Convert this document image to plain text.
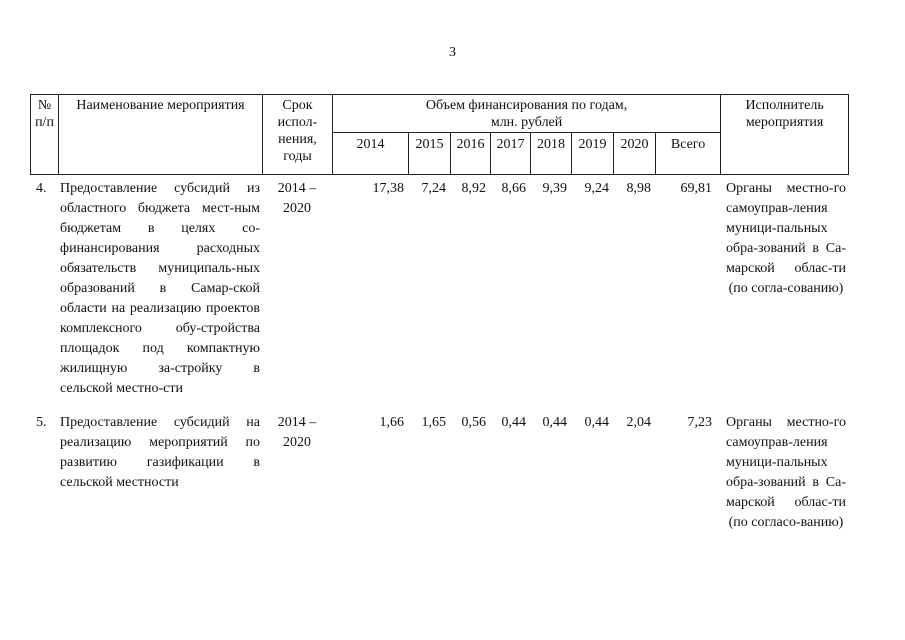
3
№ п/п	Наименование мероприятия	Срок испол-нения, годы	Объем финансирования по годам, млн. рублей								Исполнитель мероприятия
			2014	2015	2016	2017	2018	2019	2020	Всего	
4.	Предоставление субсидий из областного бюджета мест-ным бюджетам в целях со-финансирования расходных обязательств муниципаль-ных образований в Самар-ской области на реализацию проектов комплексного обу-стройства площадок под компактную жилищную за-стройку в сельской местно-сти	2014 – 2020	17,38	7,24	8,92	8,66	9,39	9,24	8,98	69,81	Органы местно-го самоуправ-ления муници-пальных обра-зований в Са-марской облас-ти (по согла-сованию)

5.	Предоставление субсидий на реализацию мероприятий по развитию газификации в сельской местности	2014 – 2020	1,66	1,65	0,56	0,44	0,44	0,44	2,04	7,23	Органы местно-го самоуправ-ления муници-пальных обра-зований в Са-марской облас-ти (по согласо-ванию)
